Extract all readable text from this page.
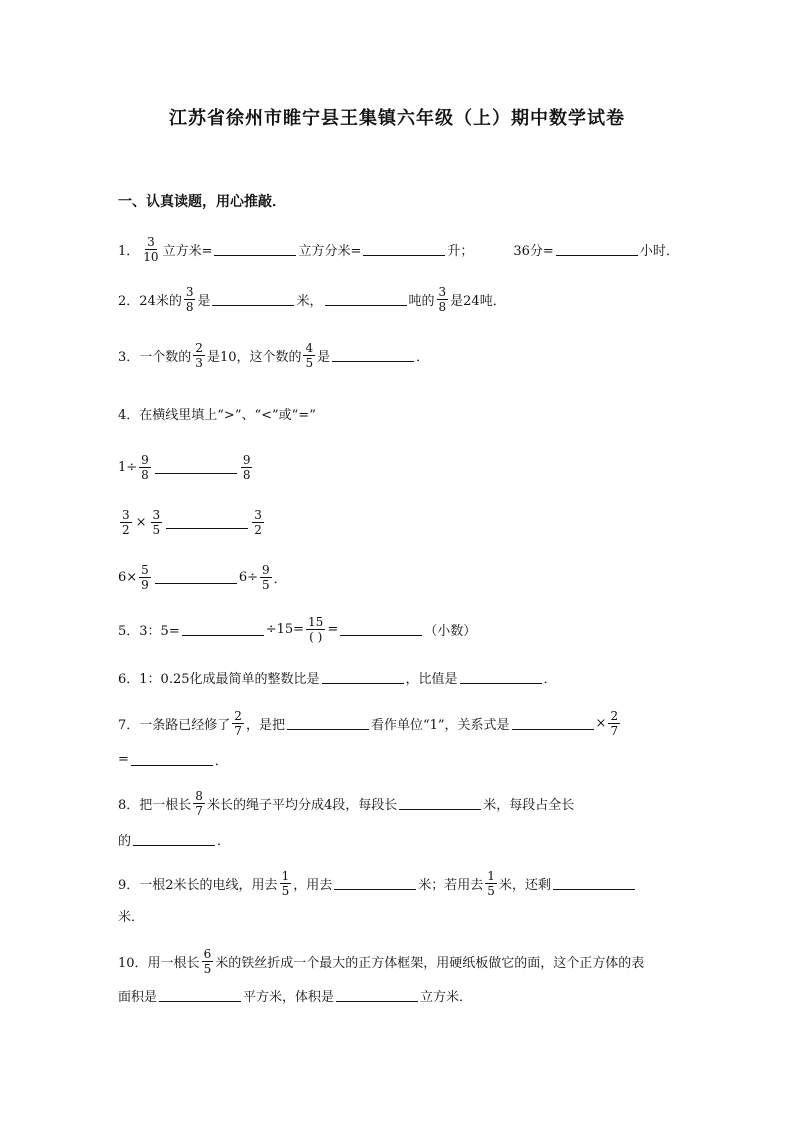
江苏省徐州市睢宁县王集镇六年级（上）期中数学试卷
一、认真读题，用心推敲．
1． $\frac{3}{10}$ 立方米=	立方分米=	升；	36分=	小时．
2． 24米的 $\frac{3}{8}$ 是	米，	吨的 $\frac{3}{8}$ 是24吨．
3． 一个数的 $\frac{2}{3}$ 是10，这个数的 $\frac{4}{5}$ 是	．
4． 在横线里填上“>”、“<”或“=”
$1\div \frac{9}{8}$	$\frac{9}{8}$
$\frac{3}{2} \times \frac{3}{5}$	$\frac{3}{2}$
$6\times \frac{5}{9}$	$6\div \frac{9}{5}$ ．
5． 3：5=	$\div 15= \frac{15}{( )}$ =	（小数）
6． 1：0.25化成最简单的整数比是	，比值是	．
7． 一条路已经修了 $\frac{2}{7}$ ，是把	看作单位“1”，关系式是	× $\frac{2}{7}$
=	．
8． 把一根长 $\frac{8}{7}$ 米长的绳子平均分成4段，每段长	米，每段占全长
的	．
9． 一根2米长的电线，用去 $\frac{1}{5}$ ，用去	米；若用去 $\frac{1}{5}$ 米，还剩
米．
10． 用一根长 $\frac{6}{5}$ 米的铁丝折成一个最大的正方体框架，用硬纸板做它的面，这个正方体的表
面积是	平方米，体积是	立方米．
